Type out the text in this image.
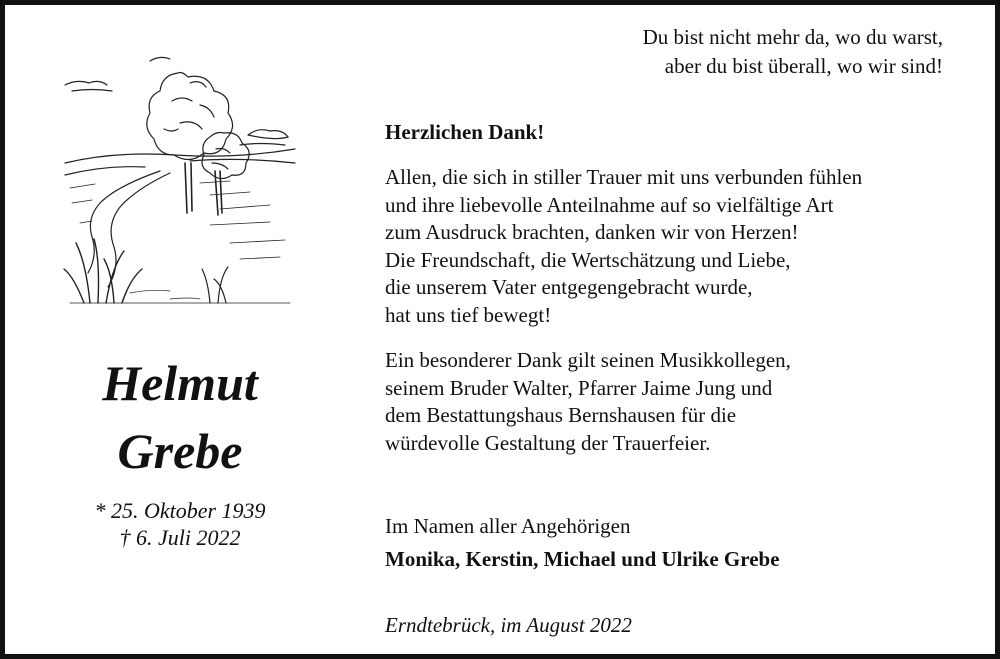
Du bist nicht mehr da, wo du warst,
aber du bist überall, wo wir sind!
Helmut
Grebe
* 25. Oktober 1939
† 6. Juli 2022
Herzlichen Dank!
Allen, die sich in stiller Trauer mit uns verbunden fühlen
und ihre liebevolle Anteilnahme auf so vielfältige Art
zum Ausdruck brachten, danken wir von Herzen!
Die Freundschaft, die Wertschätzung und Liebe,
die unserem Vater entgegengebracht wurde,
hat uns tief bewegt!
Ein besonderer Dank gilt seinen Musikkollegen,
seinem Bruder Walter, Pfarrer Jaime Jung und
dem Bestattungshaus Bernshausen für die
würdevolle Gestaltung der Trauerfeier.
Im Namen aller Angehörigen
Monika, Kerstin, Michael und Ulrike Grebe
Erndtebrück, im August 2022
